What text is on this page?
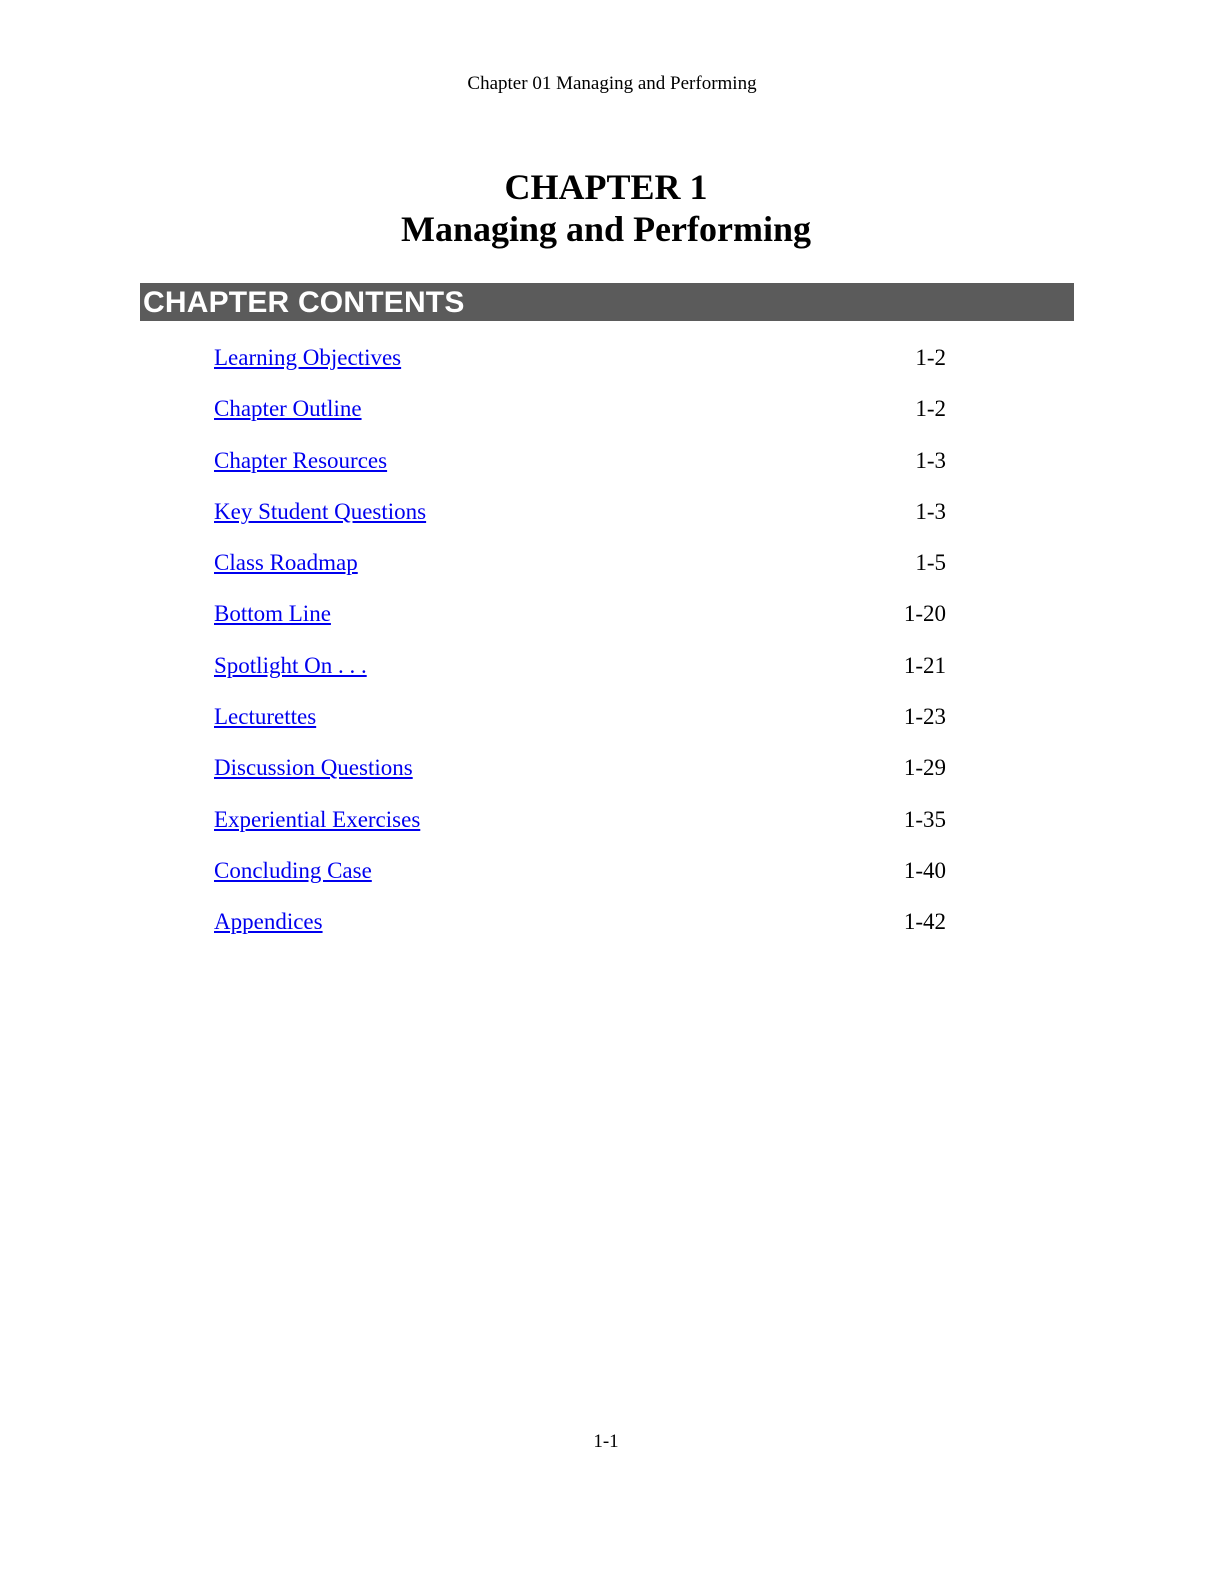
Chapter 01 Managing and Performing

CHAPTER 1

Managing and Performing

CHAPTER CONTENTS
Learning Objectives	1-2
Chapter Outline	1-2
Chapter Resources	1-3
Key Student Questions	1-3
Class Roadmap	1-5
Bottom Line	1-20
Spotlight On . . .	1-21
Lecturettes	1-23
Discussion Questions	1-29
Experiential Exercises	1-35
Concluding Case	1-40
Appendices	1-42
1-1
